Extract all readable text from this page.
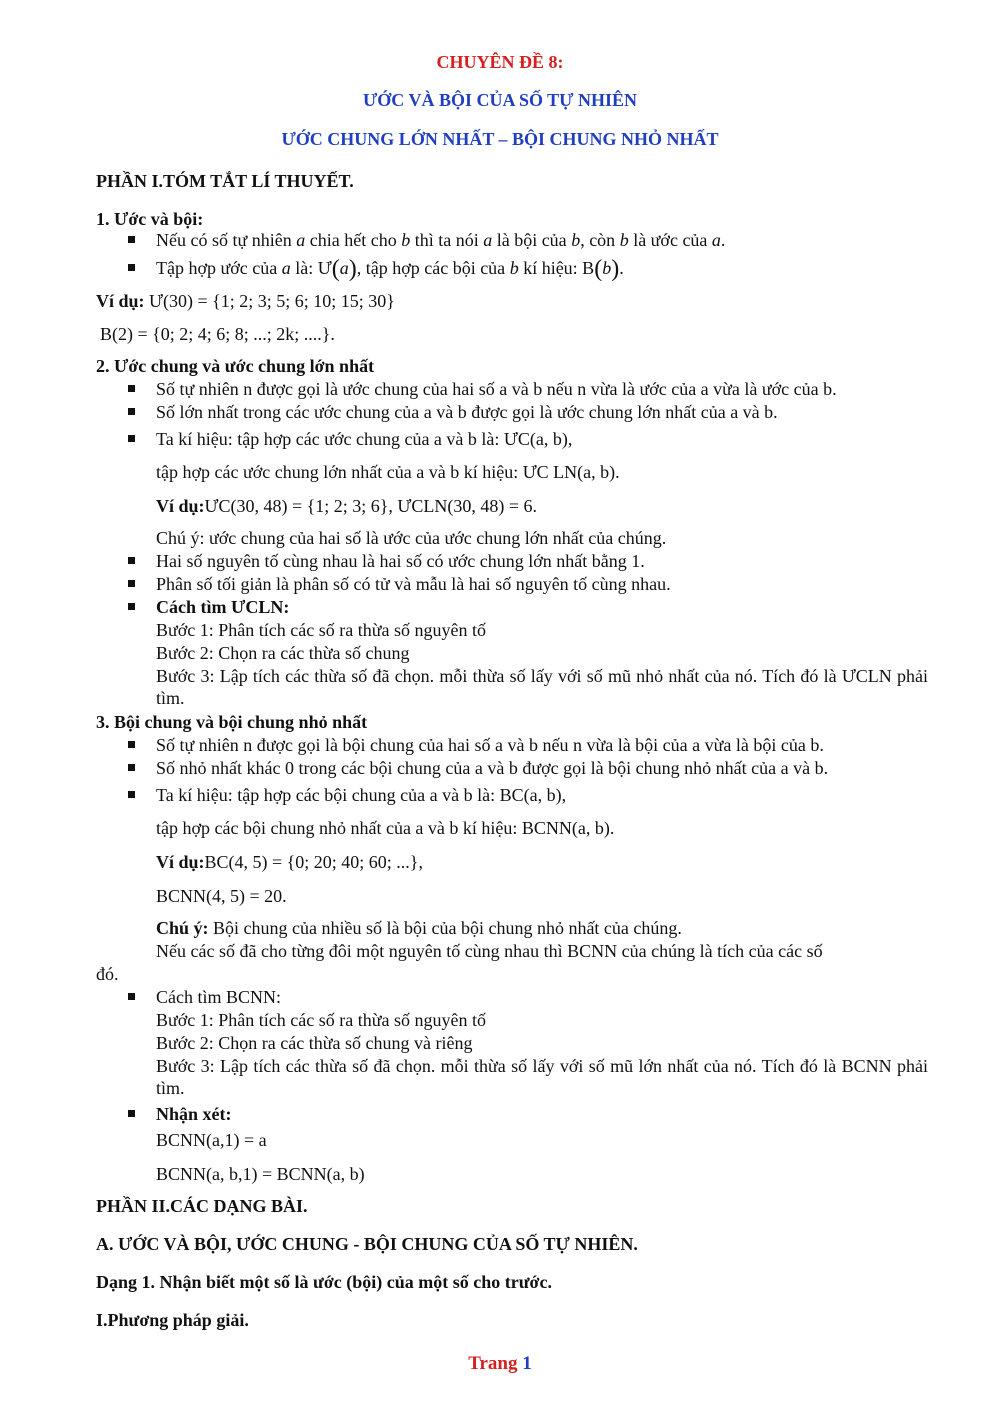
CHUYÊN ĐỀ 8:
ƯỚC VÀ BỘI CỦA SỐ TỰ NHIÊN
ƯỚC CHUNG LỚN NHẤT – BỘI CHUNG NHỎ NHẤT
PHẦN I.TÓM TẮT LÍ THUYẾT.
1. Ước và bội:
Nếu có số tự nhiên a chia hết cho b thì ta nói a là bội của b, còn b là ước của a.
Tập hợp ước của a là: Ư(a), tập hợp các bội của b kí hiệu: B(b).
Ví dụ: Ư(30) = {1; 2; 3; 5; 6; 10; 15; 30}
B(2) = {0; 2; 4; 6; 8; ...; 2k; ....}.
2. Ước chung và ước chung lớn nhất
Số tự nhiên n được gọi là ước chung của hai số a và b nếu n vừa là ước của a vừa là ước của b.
Số lớn nhất trong các ước chung của a và b được gọi là ước chung lớn nhất của a và b.
Ta kí hiệu: tập hợp các ước chung của a và b là: ƯC(a, b),
tập hợp các ước chung lớn nhất của a và b kí hiệu: ƯC LN(a, b).
Ví dụ:ƯC(30, 48) = {1; 2; 3; 6}, ƯCLN(30, 48) = 6.
Chú ý: ước chung của hai số là ước của ước chung lớn nhất của chúng.
Hai số nguyên tố cùng nhau là hai số có ước chung lớn nhất bằng 1.
Phân số tối giản là phân số có tử và mẫu là hai số nguyên tố cùng nhau.
Cách tìm ƯCLN:
Bước 1: Phân tích các số ra thừa số nguyên tố
Bước 2: Chọn ra các thừa số chung
Bước 3: Lập tích các thừa số đã chọn. mỗi thừa số lấy với số mũ nhỏ nhất của nó. Tích đó là ƯCLN phải tìm.
3. Bội chung và bội chung nhỏ nhất
Số tự nhiên n được gọi là bội chung của hai số a và b nếu n vừa là bội của a vừa là bội của b.
Số nhỏ nhất khác 0 trong các bội chung của a và b được gọi là bội chung nhỏ nhất của a và b.
Ta kí hiệu: tập hợp các bội chung của a và b là: BC(a, b),
tập hợp các bội chung nhỏ nhất của a và b kí hiệu: BCNN(a, b).
Ví dụ:BC(4, 5) = {0; 20; 40; 60; ...},
BCNN(4, 5) = 20.
Chú ý: Bội chung của nhiều số là bội của bội chung nhỏ nhất của chúng.
Nếu các số đã cho từng đôi một nguyên tố cùng nhau thì BCNN của chúng là tích của các số
đó.
Cách tìm BCNN:
Bước 1: Phân tích các số ra thừa số nguyên tố
Bước 2: Chọn ra các thừa số chung và riêng
Bước 3: Lập tích các thừa số đã chọn. mỗi thừa số lấy với số mũ lớn nhất của nó. Tích đó là BCNN phải tìm.
Nhận xét:
BCNN(a,1) = a
BCNN(a, b,1) = BCNN(a, b)
PHẦN II.CÁC DẠNG BÀI.
A. ƯỚC VÀ BỘI, ƯỚC CHUNG - BỘI CHUNG CỦA SỐ TỰ NHIÊN.
Dạng 1. Nhận biết một số là ước (bội) của một số cho trước.
I.Phương pháp giải.
Trang 1
